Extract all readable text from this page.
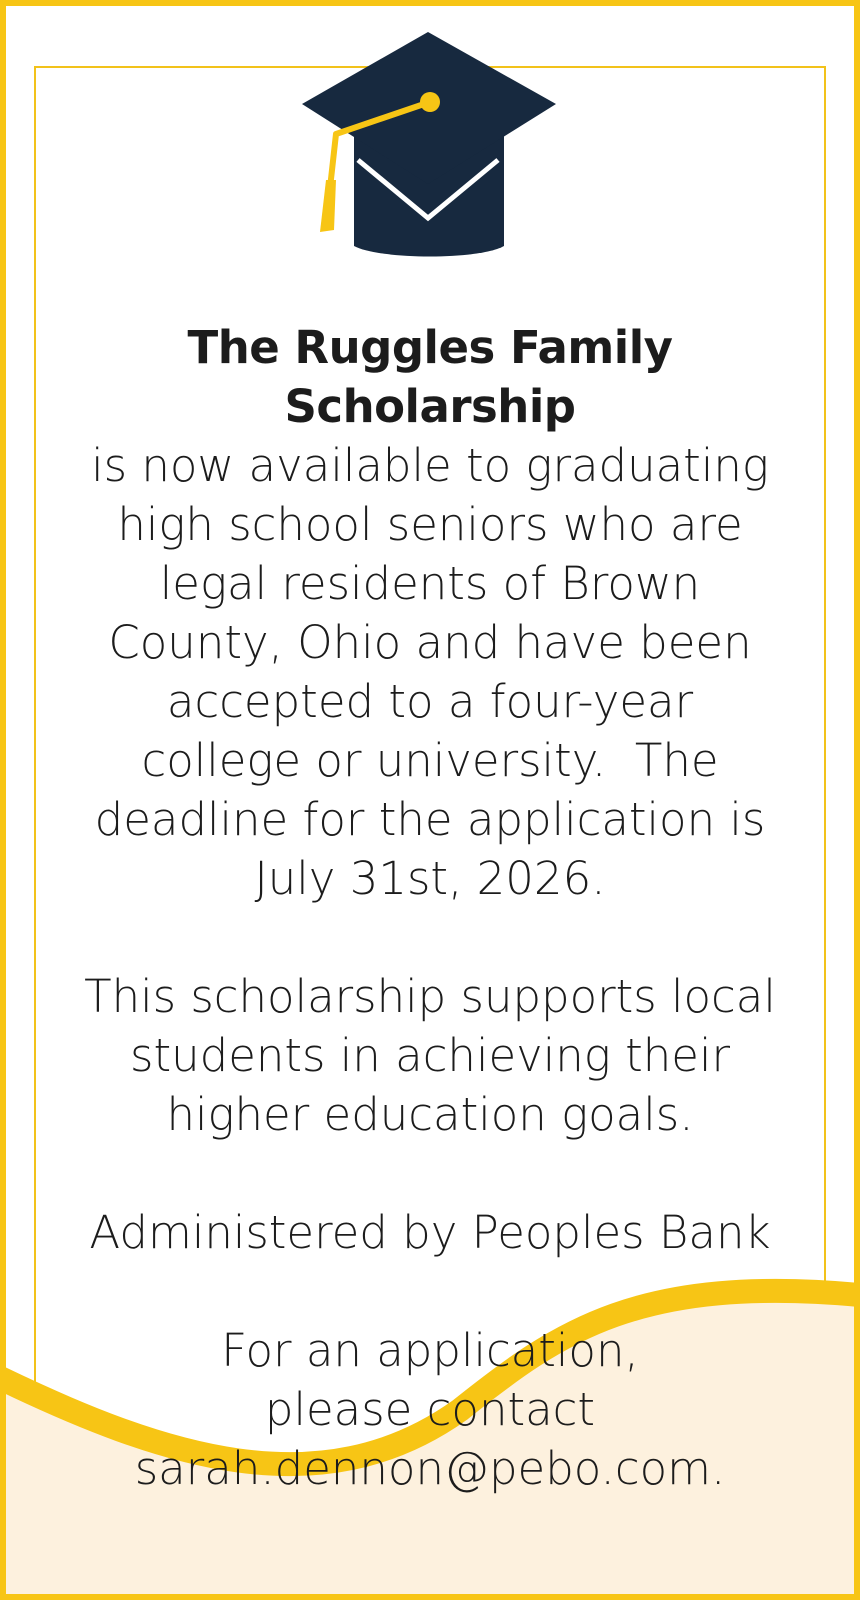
The Ruggles Family Scholarship

is now available to graduating

high school seniors who are

legal residents of Brown

County, Ohio and have been

accepted to a four-year

college or university.  The

deadline for the application is

July 31st, 2026.

This scholarship supports local

students in achieving their

higher education goals.

Administered by Peoples Bank

For an application,

please contact

sarah.dennon@pebo.com.
